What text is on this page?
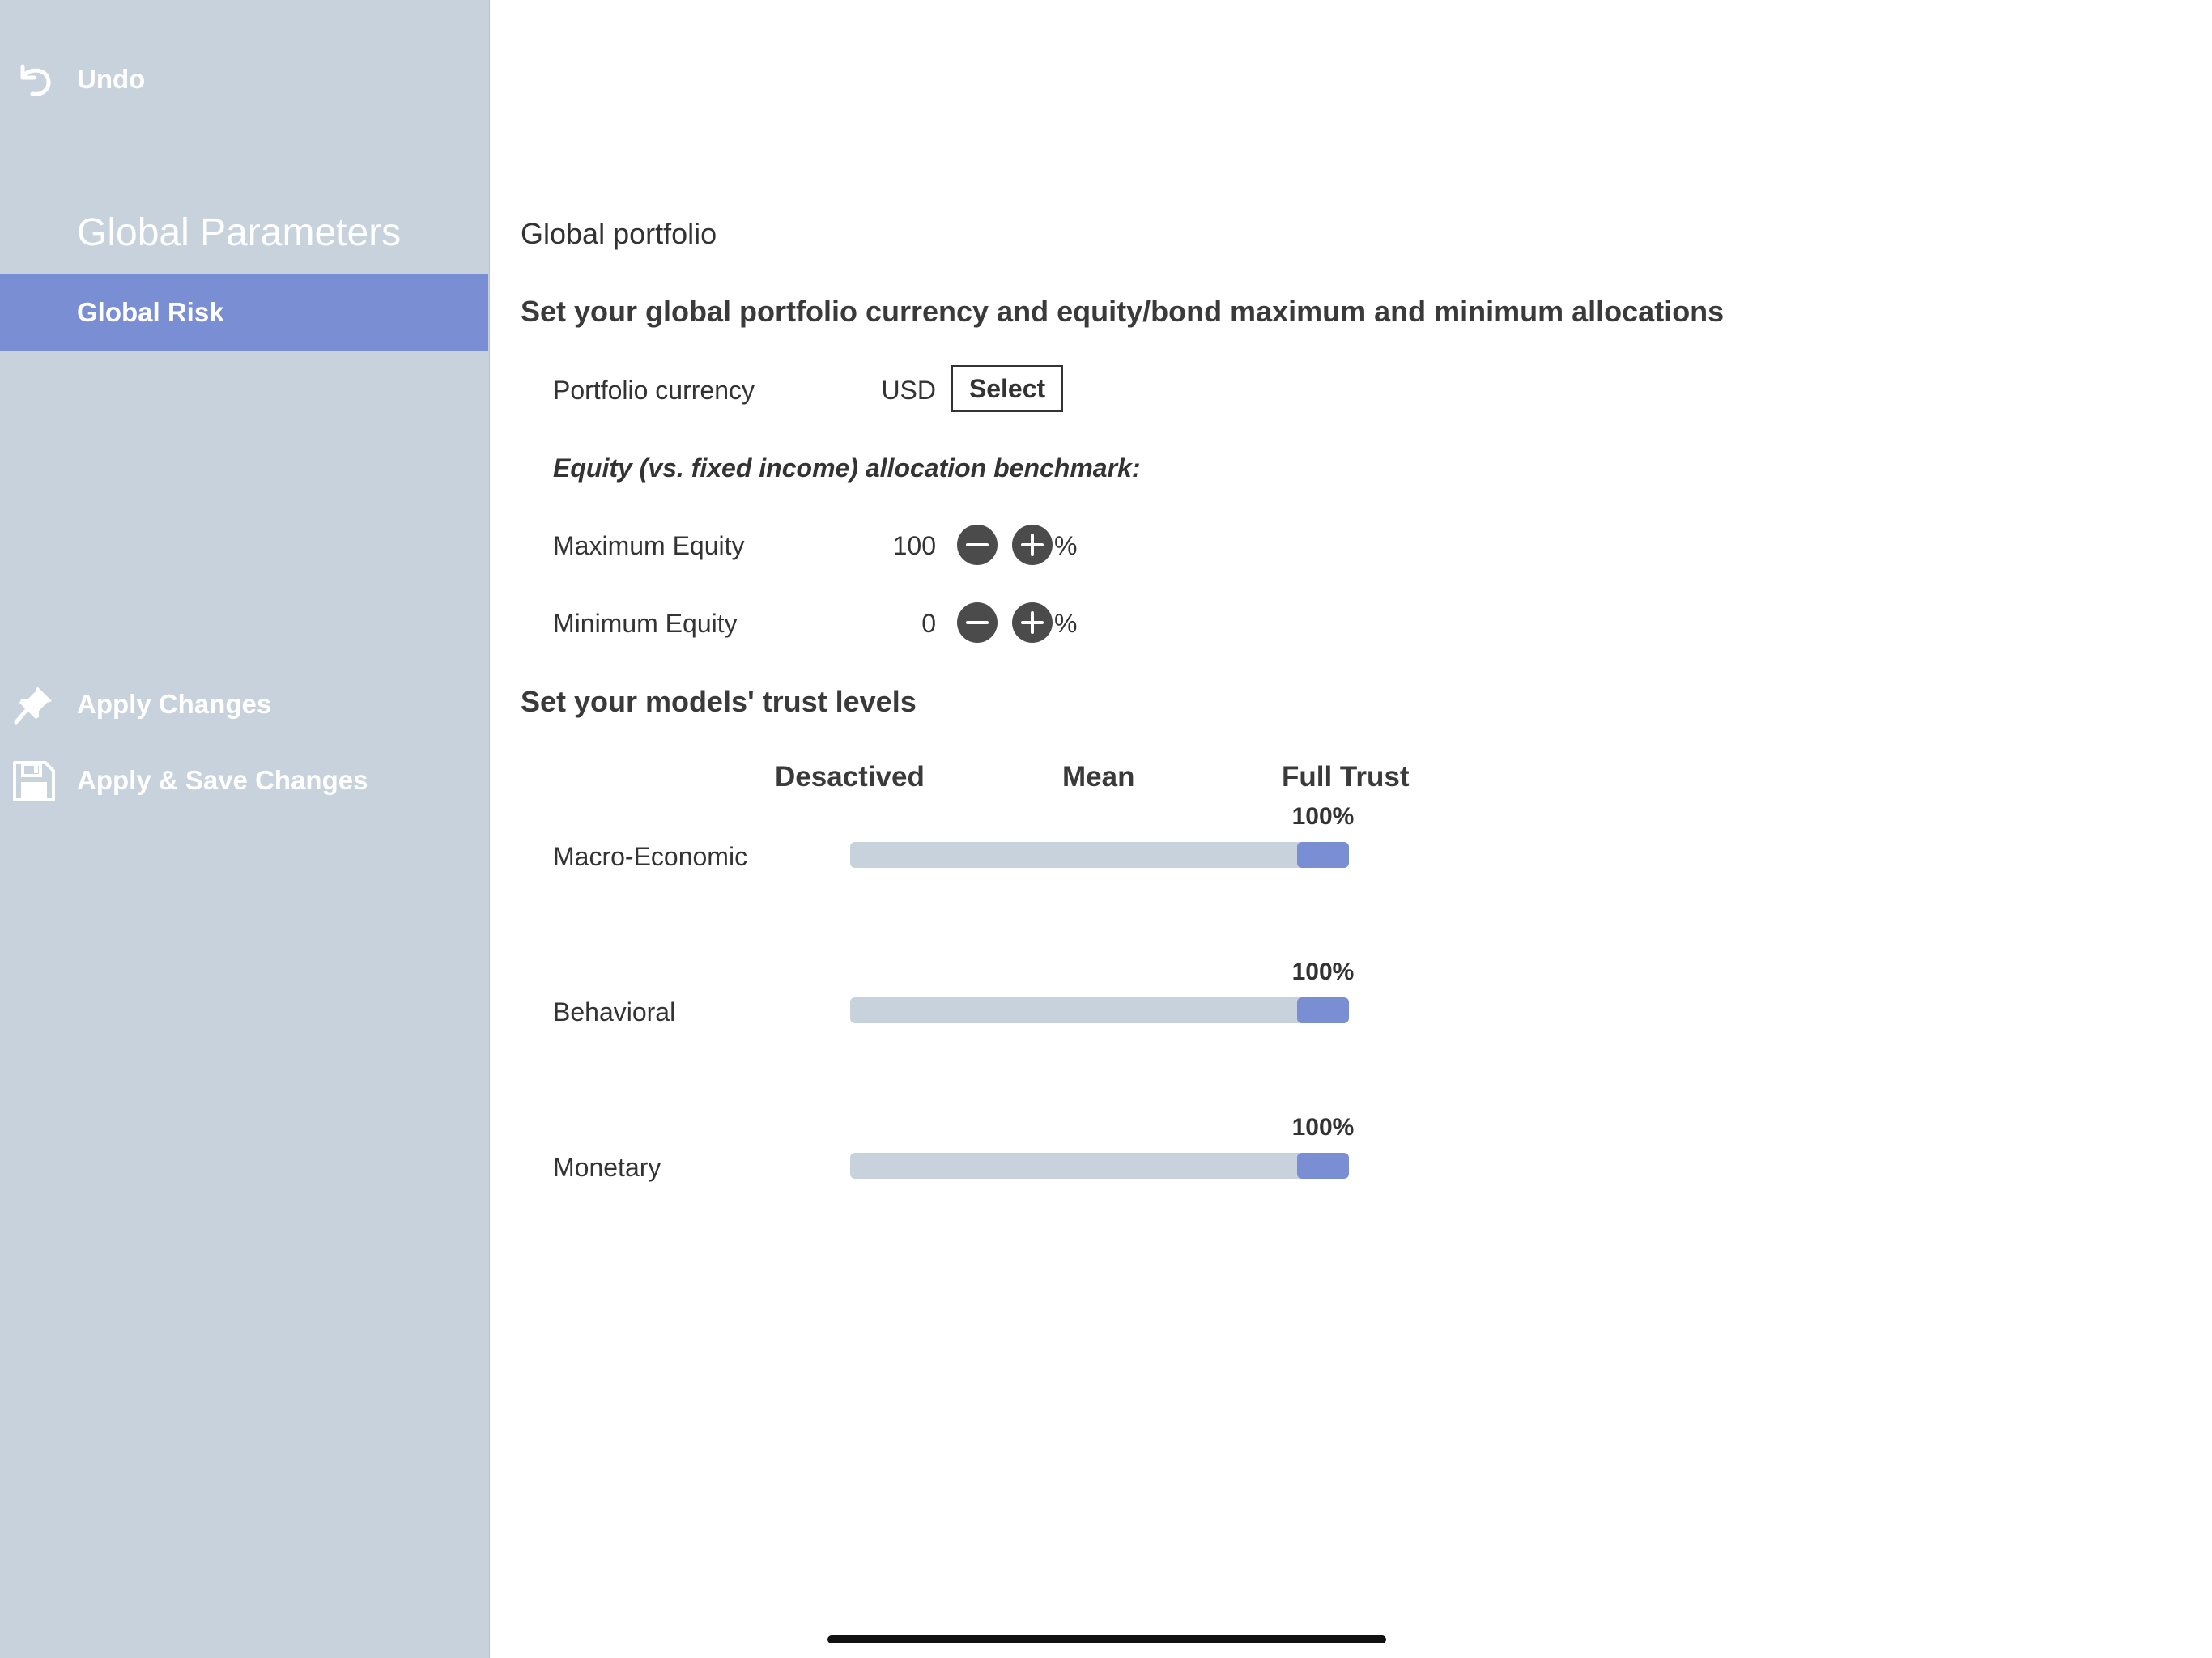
Undo
Global Parameters
Global Risk
Apply Changes
Apply & Save Changes
Global portfolio
Set your global portfolio currency and equity/bond maximum and minimum allocations
Portfolio currency	USD	Select
Equity (vs. fixed income) allocation benchmark:
Maximum Equity	100	%
Minimum Equity	0	%
Set your models' trust levels
Desactived	Mean	Full Trust
Macro-Economic
100%
Behavioral
100%
Monetary
100%
